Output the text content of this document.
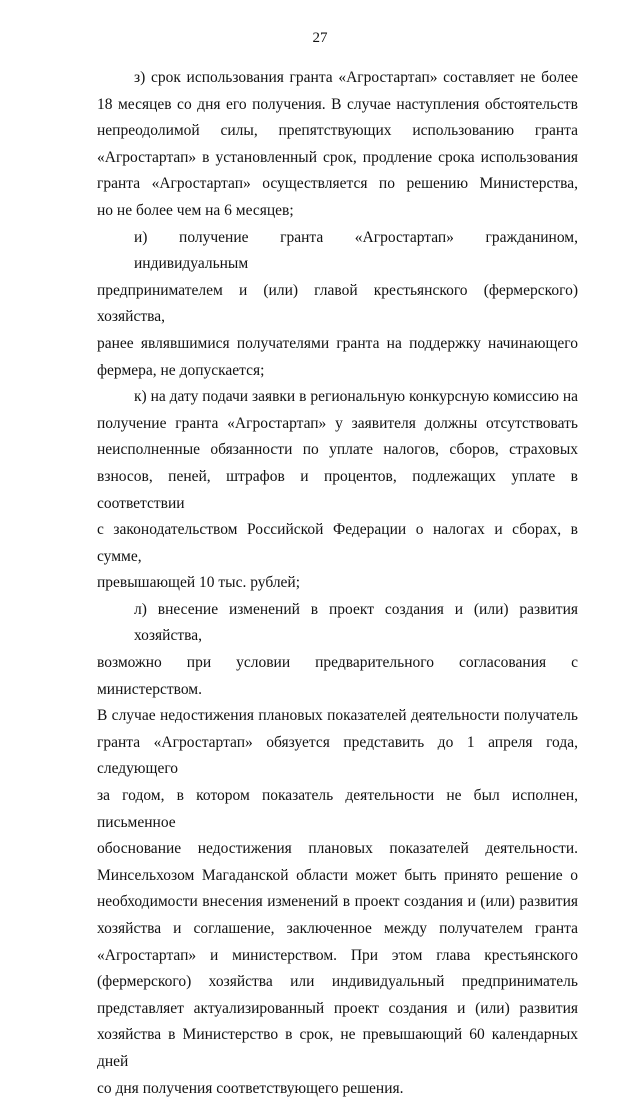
27
з) срок использования гранта «Агростартап» составляет не более
18 месяцев со дня его получения. В случае наступления обстоятельств
непреодолимой силы, препятствующих использованию гранта
«Агростартап» в установленный срок, продление срока использования
гранта «Агростартап» осуществляется по решению Министерства,
но не более чем на 6 месяцев;
и) получение гранта «Агростартап» гражданином, индивидуальным
предпринимателем и (или) главой крестьянского (фермерского) хозяйства,
ранее являвшимися получателями гранта на поддержку начинающего
фермера, не допускается;
к) на дату подачи заявки в региональную конкурсную комиссию на
получение гранта «Агростартап» у заявителя должны отсутствовать
неисполненные обязанности по уплате налогов, сборов, страховых
взносов, пеней, штрафов и процентов, подлежащих уплате в соответствии
с законодательством Российской Федерации о налогах и сборах, в сумме,
превышающей 10 тыс. рублей;
л) внесение изменений в проект создания и (или) развития хозяйства,
возможно при условии предварительного согласования с министерством.
В случае недостижения плановых показателей деятельности получатель
гранта «Агростартап» обязуется представить до 1 апреля года, следующего
за годом, в котором показатель деятельности не был исполнен, письменное
обоснование недостижения плановых показателей деятельности.
Минсельхозом Магаданской области может быть принято решение о
необходимости внесения изменений в проект создания и (или) развития
хозяйства и соглашение, заключенное между получателем гранта
«Агростартап» и министерством. При этом глава крестьянского
(фермерского) хозяйства или индивидуальный предприниматель
представляет актуализированный проект создания и (или) развития
хозяйства в Министерство в срок, не превышающий 60 календарных дней
со дня получения соответствующего решения.
